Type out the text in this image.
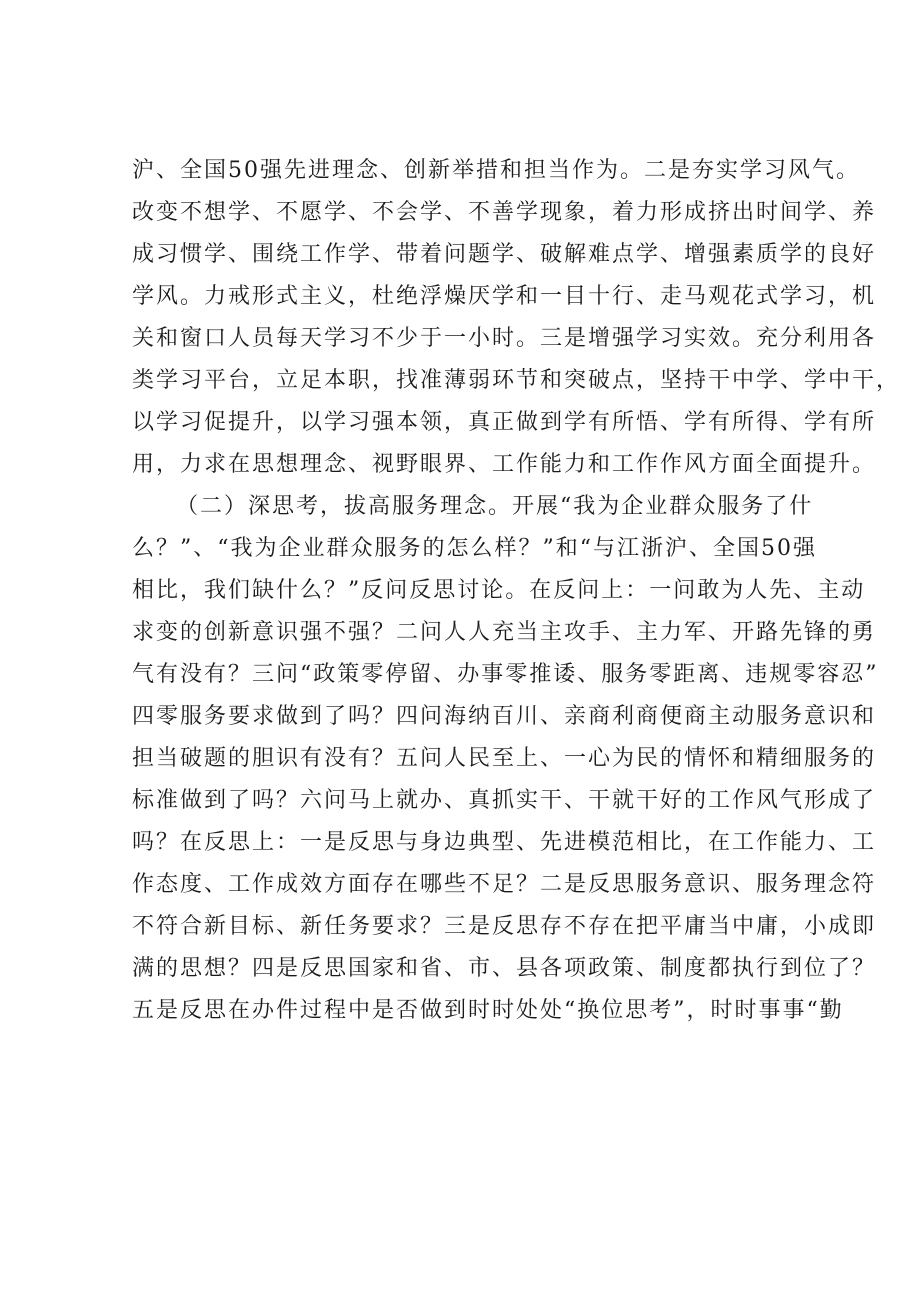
沪、全国50强先进理念、创新举措和担当作为。二是夯实学习风气。
改变不想学、不愿学、不会学、不善学现象，着力形成挤出时间学、养
成习惯学、围绕工作学、带着问题学、破解难点学、增强素质学的良好
学风。力戒形式主义，杜绝浮燥厌学和一目十行、走马观花式学习，机
关和窗口人员每天学习不少于一小时。三是增强学习实效。充分利用各
类学习平台，立足本职，找准薄弱环节和突破点，坚持干中学、学中干，
以学习促提升，以学习强本领，真正做到学有所悟、学有所得、学有所
用，力求在思想理念、视野眼界、工作能力和工作作风方面全面提升。
（二）深思考，拔高服务理念。开展“我为企业群众服务了什
么？”、“我为企业群众服务的怎么样？”和“与江浙沪、全国50强
相比，我们缺什么？”反问反思讨论。在反问上：一问敢为人先、主动
求变的创新意识强不强？二问人人充当主攻手、主力军、开路先锋的勇
气有没有？三问“政策零停留、办事零推诿、服务零距离、违规零容忍”
四零服务要求做到了吗？四问海纳百川、亲商利商便商主动服务意识和
担当破题的胆识有没有？五问人民至上、一心为民的情怀和精细服务的
标准做到了吗？六问马上就办、真抓实干、干就干好的工作风气形成了
吗？在反思上：一是反思与身边典型、先进模范相比，在工作能力、工
作态度、工作成效方面存在哪些不足？二是反思服务意识、服务理念符
不符合新目标、新任务要求？三是反思存不存在把平庸当中庸，小成即
满的思想？四是反思国家和省、市、县各项政策、制度都执行到位了？
五是反思在办件过程中是否做到时时处处“换位思考”，时时事事“勤
